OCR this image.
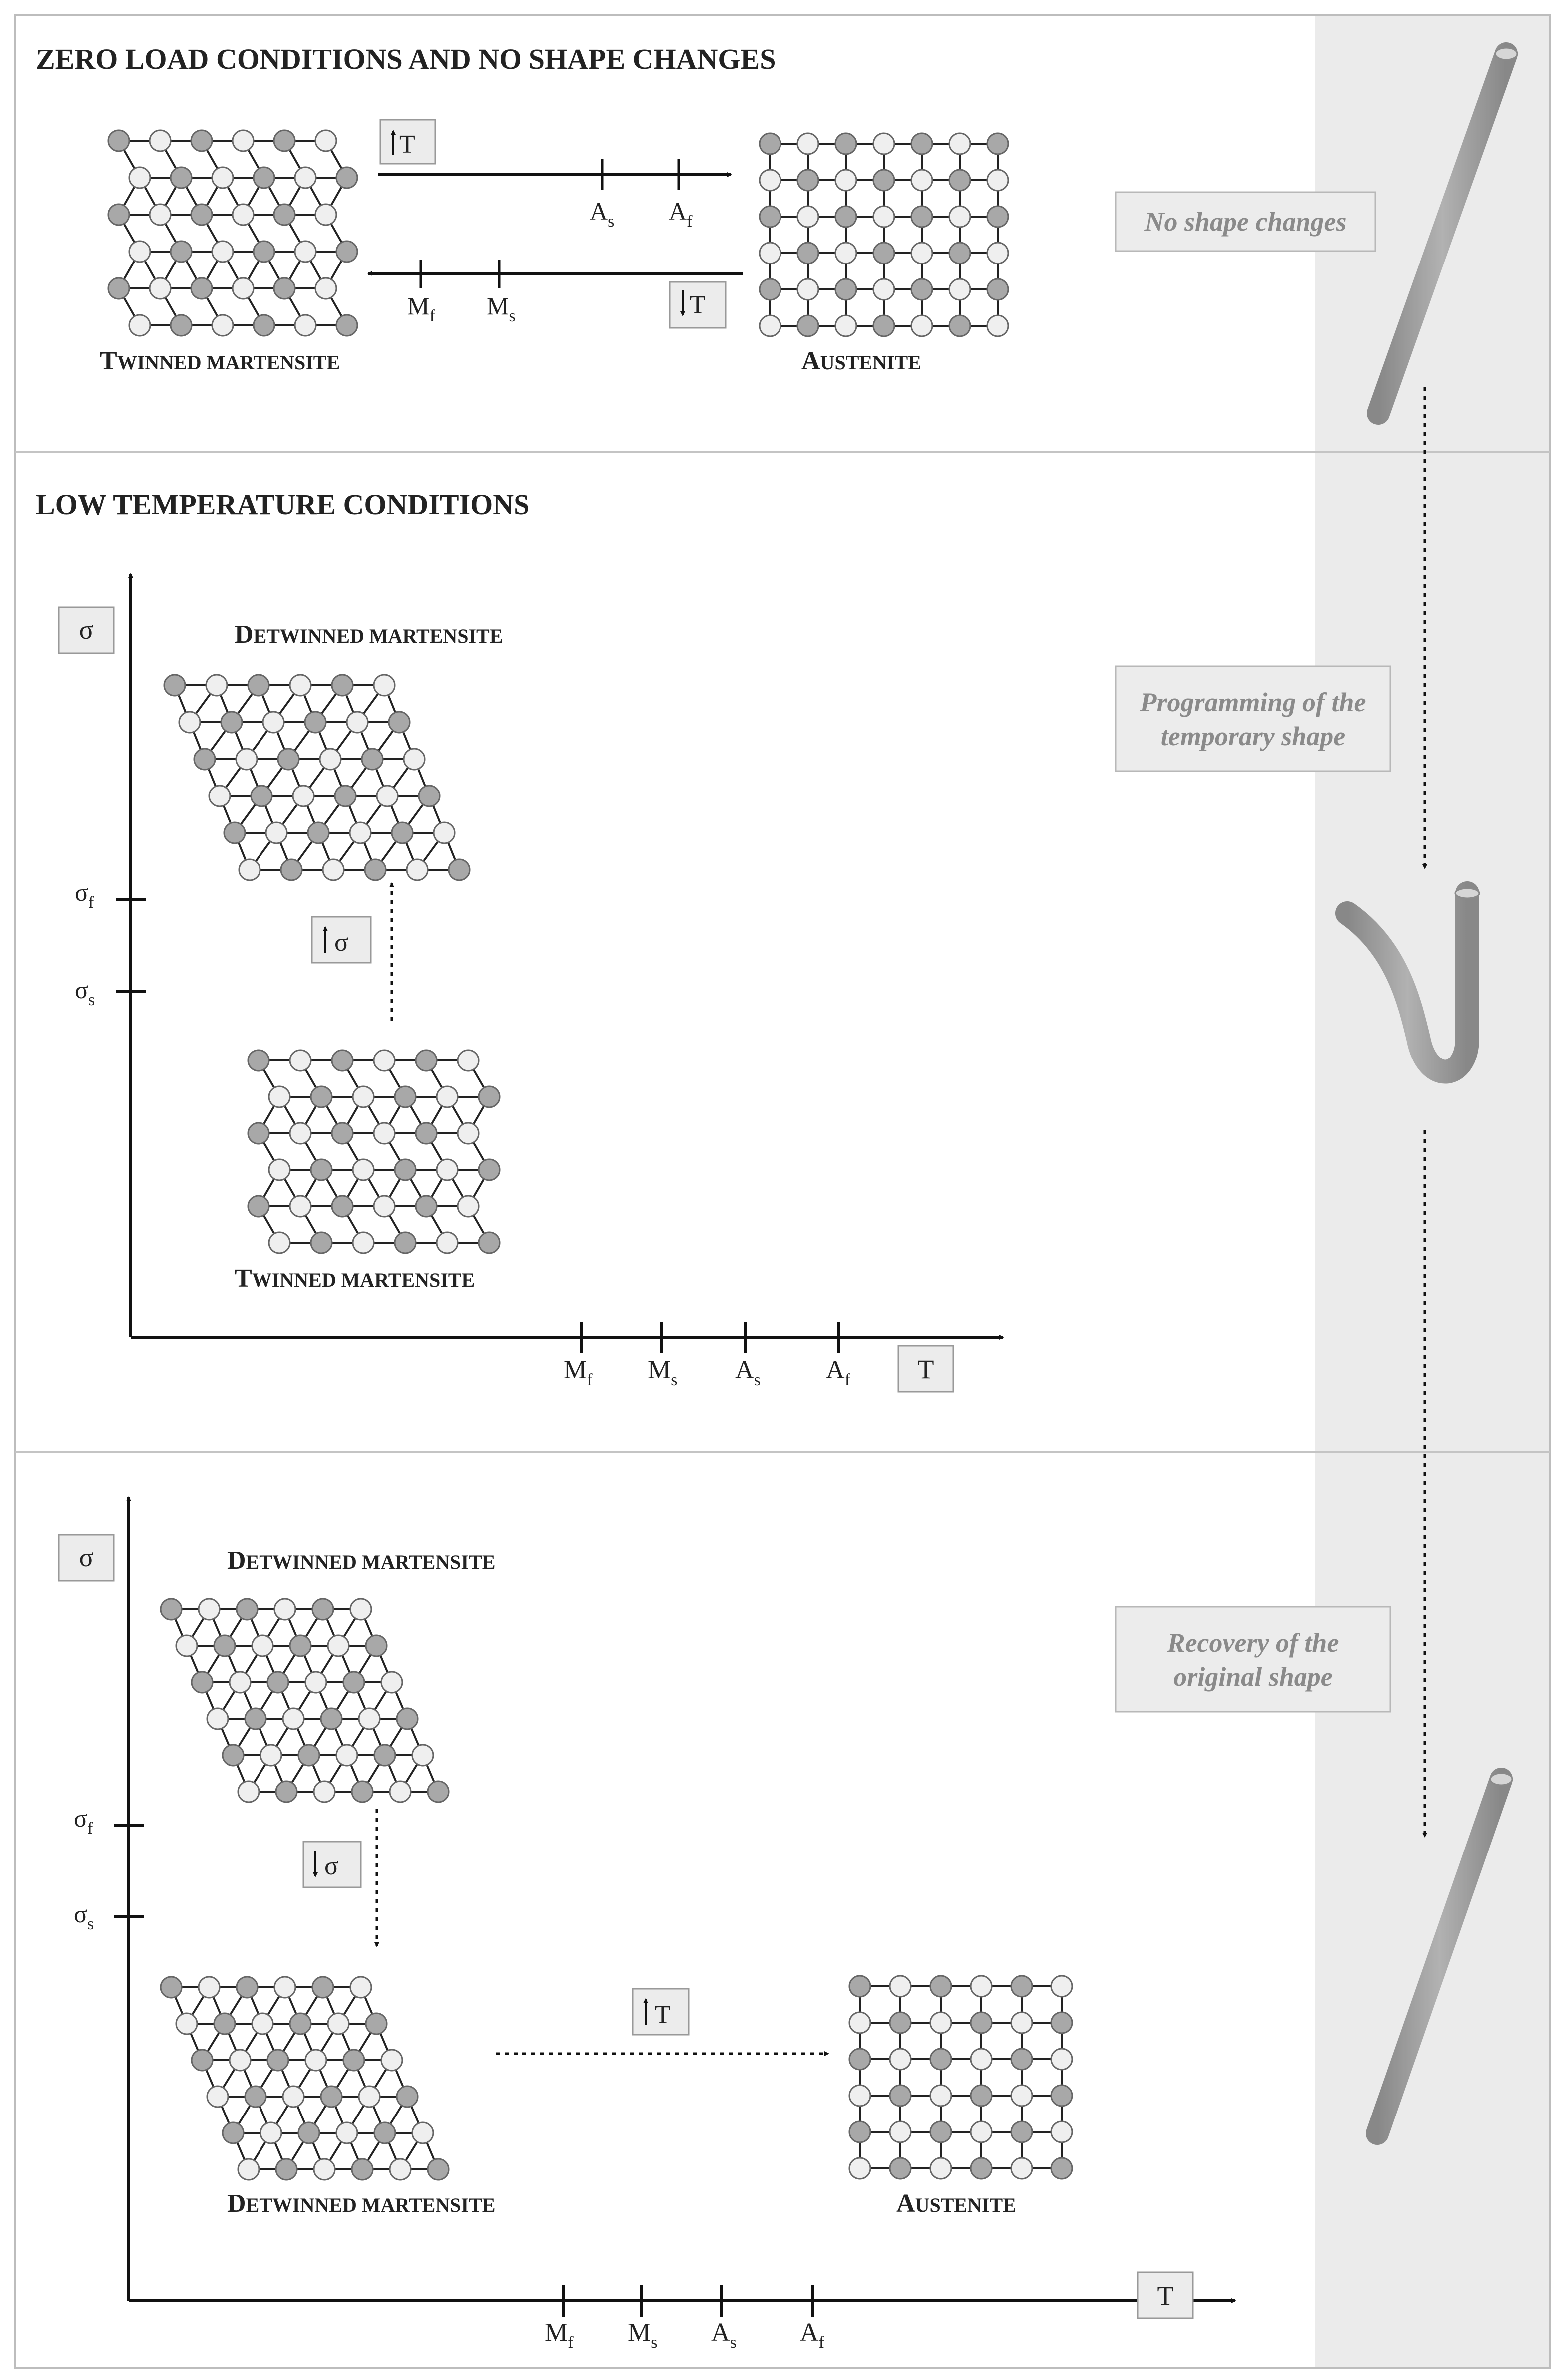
ZERO LOAD CONDITIONS AND NO SHAPE CHANGES
T
$A_s$ $A_f$
$M_f$ $M_s$	T
TWINNED MARTENSITE	AUSTENITE
No shape changes
LOW TEMPERATURE CONDITIONS
σ
$\sigma_f$
$\sigma_s$
$M_f$ $M_s$ $A_s$	$A_f$ T
DETWINNED MARTENSITE
σ
TWINNED MARTENSITE
Programming of the
temporary shape
σ
$\sigma_f$
$\sigma_s$
$M_f$ $M_s$ $A_s$ $A_f$
T
DETWINNED MARTENSITE
σ
DETWINNED MARTENSITE
T
AUSTENITE
Recovery of the
original shape
